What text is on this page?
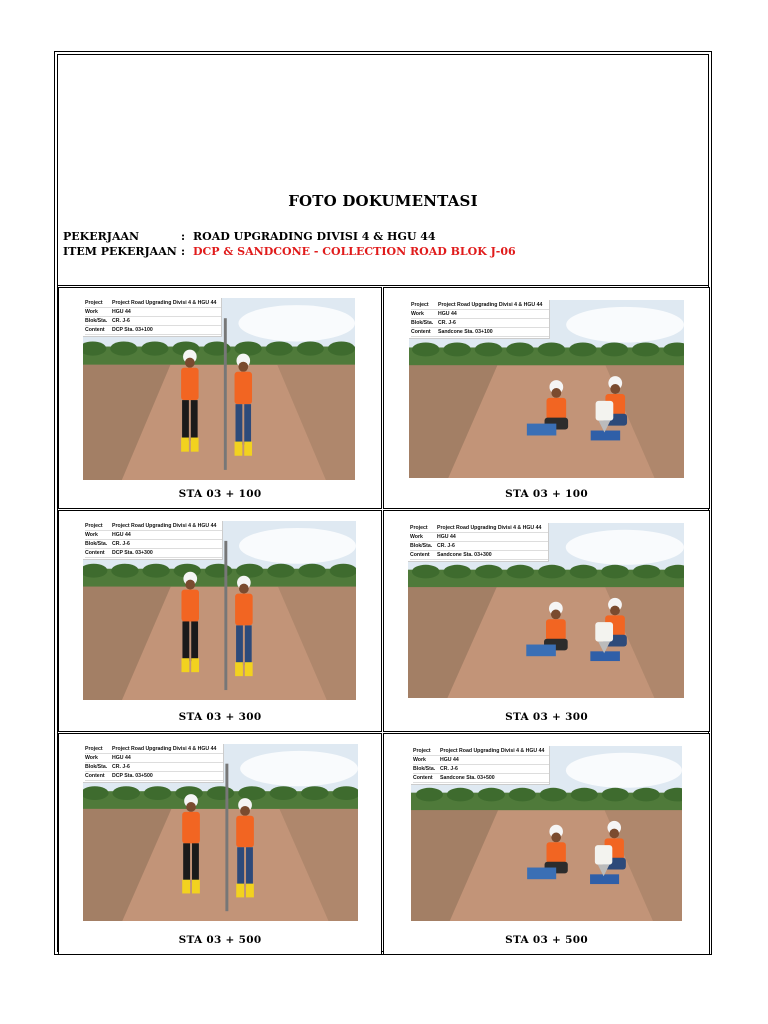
FOTO DOKUMENTASI
PEKERJAAN	: ROAD UPGRADING DIVISI 4 & HGU 44
ITEM PEKERJAAN : DCP & SANDCONE - COLLECTION ROAD BLOK J-06
Project	Project Road Upgrading Divisi 4 & HGU 44
Work	HGU 44
Blok/Sta. CR. J-6
Content	DCP Sta. 03+100
STA 03 + 100
Project	Project Road Upgrading Divisi 4 & HGU 44
Work	HGU 44
Blok/Sta. CR. J-6
Content	Sandcone Sta. 03+100
STA 03 + 100
Project	Project Road Upgrading Divisi 4 & HGU 44
Work	HGU 44
Blok/Sta. CR. J-6
Content	DCP Sta. 03+300
STA 03 + 300
Project	Project Road Upgrading Divisi 4 & HGU 44
Work	HGU 44
Blok/Sta. CR. J-6
Content	Sandcone Sta. 03+300
STA 03 + 300
Project	Project Road Upgrading Divisi 4 & HGU 44
Work	HGU 44
Blok/Sta. CR. J-6
Content	DCP Sta. 03+500
STA 03 + 500
Project	Project Road Upgrading Divisi 4 & HGU 44
Work	HGU 44
Blok/Sta. CR. J-6
Content	Sandcone Sta. 03+500
STA 03 + 500
